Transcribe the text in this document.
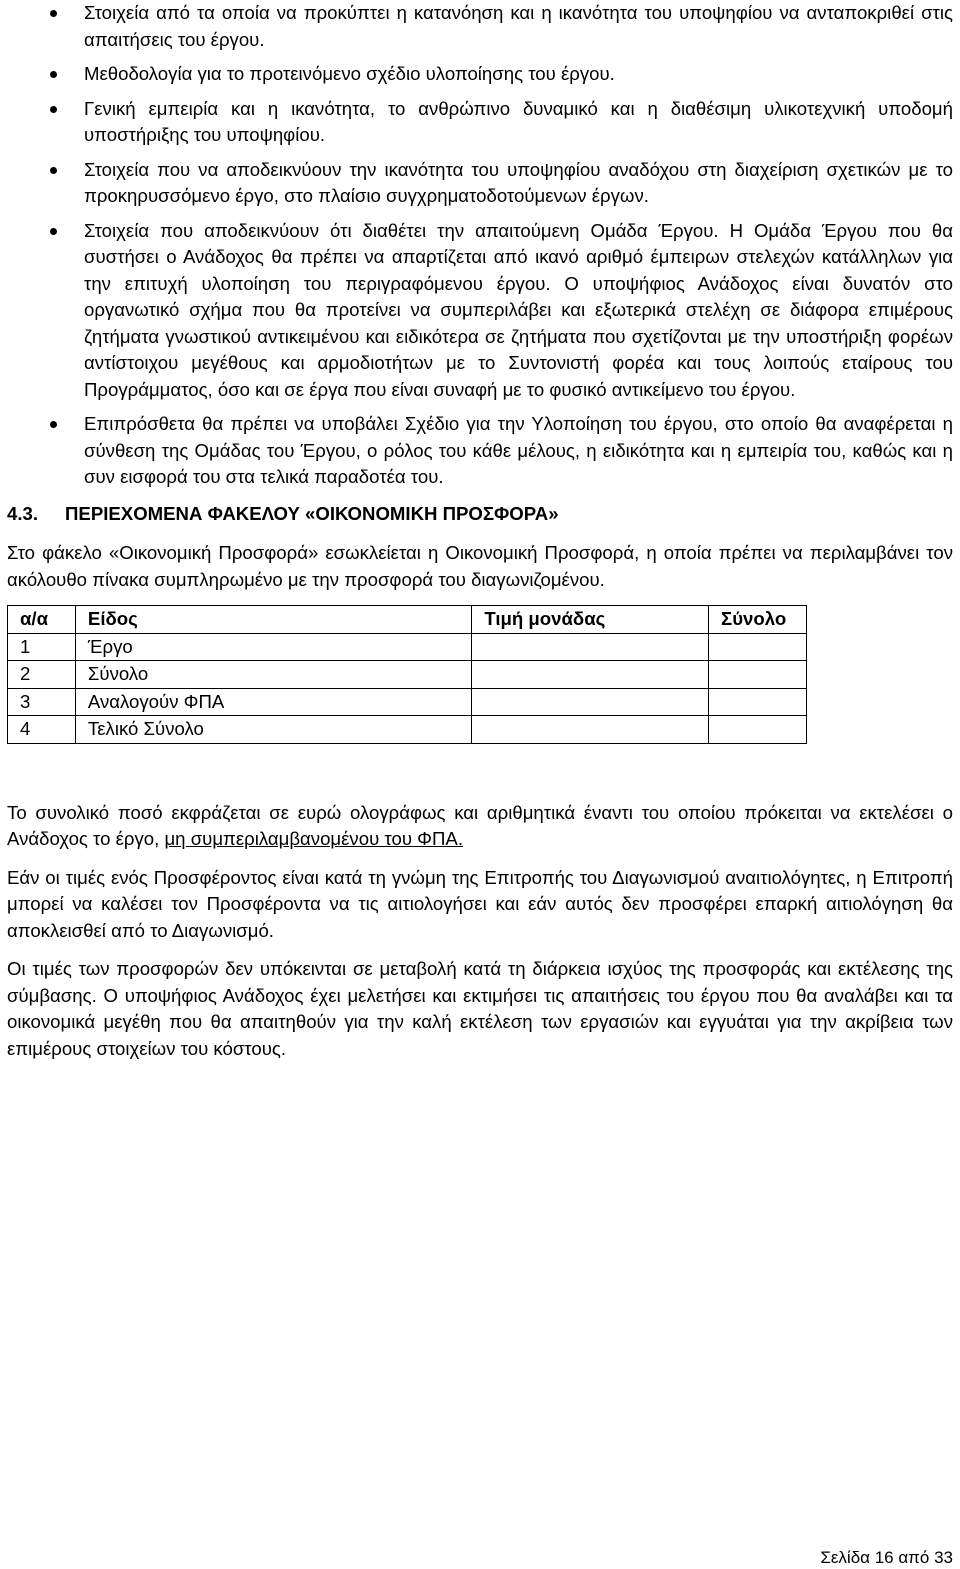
Στοιχεία από τα οποία να προκύπτει η κατανόηση και η ικανότητα του υποψηφίου να ανταποκριθεί στις απαιτήσεις του έργου.
Μεθοδολογία για το προτεινόμενο σχέδιο υλοποίησης του έργου.
Γενική εμπειρία και η ικανότητα, το ανθρώπινο δυναμικό και η διαθέσιμη υλικοτεχνική υποδομή υποστήριξης του υποψηφίου.
Στοιχεία που να αποδεικνύουν την ικανότητα του υποψηφίου αναδόχου στη διαχείριση σχετικών με το προκηρυσσόμενο έργο, στο πλαίσιο συγχρηματοδοτούμενων έργων.
Στοιχεία που αποδεικνύουν ότι διαθέτει την απαιτούμενη Ομάδα Έργου. Η Ομάδα Έργου που θα συστήσει ο Ανάδοχος θα πρέπει να απαρτίζεται από ικανό αριθμό έμπειρων στελεχών κατάλληλων για την επιτυχή υλοποίηση του περιγραφόμενου έργου. Ο υποψήφιος Ανάδοχος είναι δυνατόν στο οργανωτικό σχήμα που θα προτείνει να συμπεριλάβει και εξωτερικά στελέχη σε διάφορα επιμέρους ζητήματα γνωστικού αντικειμένου και ειδικότερα σε ζητήματα που σχετίζονται με την υποστήριξη φορέων αντίστοιχου μεγέθους και αρμοδιοτήτων με το Συντονιστή φορέα και τους λοιπούς εταίρους του Προγράμματος, όσο και σε έργα που είναι συναφή με το φυσικό αντικείμενο του έργου.
Επιπρόσθετα θα πρέπει να υποβάλει Σχέδιο για την Υλοποίηση του έργου, στο οποίο θα αναφέρεται η σύνθεση της Ομάδας του Έργου, ο ρόλος του κάθε μέλους, η ειδικότητα και η εμπειρία του, καθώς και η συν εισφορά του στα τελικά παραδοτέα του.
4.3. ΠΕΡΙΕΧΟΜΕΝΑ ΦΑΚΕΛΟΥ «ΟΙΚΟΝΟΜΙΚΗ ΠΡΟΣΦΟΡΑ»

Στο φάκελο «Οικονομική Προσφορά» εσωκλείεται η Οικονομική Προσφορά, η οποία πρέπει να περιλαμβάνει τον ακόλουθο πίνακα συμπληρωμένο με την προσφορά του διαγωνιζομένου.

α/α	Είδος	Τιμή μονάδας	Σύνολο
1	Έργο		
2	Σύνολο		
3	Αναλογούν ΦΠΑ		
4	Τελικό Σύνολο		

Το συνολικό ποσό εκφράζεται σε ευρώ ολογράφως και αριθμητικά έναντι του οποίου πρόκειται να εκτελέσει ο Ανάδοχος το έργο, μη συμπεριλαμβανομένου του ΦΠΑ.

Εάν οι τιμές ενός Προσφέροντος είναι κατά τη γνώμη της Επιτροπής του Διαγωνισμού αναιτιολόγητες, η Επιτροπή μπορεί να καλέσει τον Προσφέροντα να τις αιτιολογήσει και εάν αυτός δεν προσφέρει επαρκή αιτιολόγηση θα αποκλεισθεί από το Διαγωνισμό.

Οι τιμές των προσφορών δεν υπόκεινται σε μεταβολή κατά τη διάρκεια ισχύος της προσφοράς και εκτέλεσης της σύμβασης. Ο υποψήφιος Ανάδοχος έχει μελετήσει και εκτιμήσει τις απαιτήσεις του έργου που θα αναλάβει και τα οικονομικά μεγέθη που θα απαιτηθούν για την καλή εκτέλεση των εργασιών και εγγυάται για την ακρίβεια των επιμέρους στοιχείων του κόστους.

Σελίδα 16 από 33
